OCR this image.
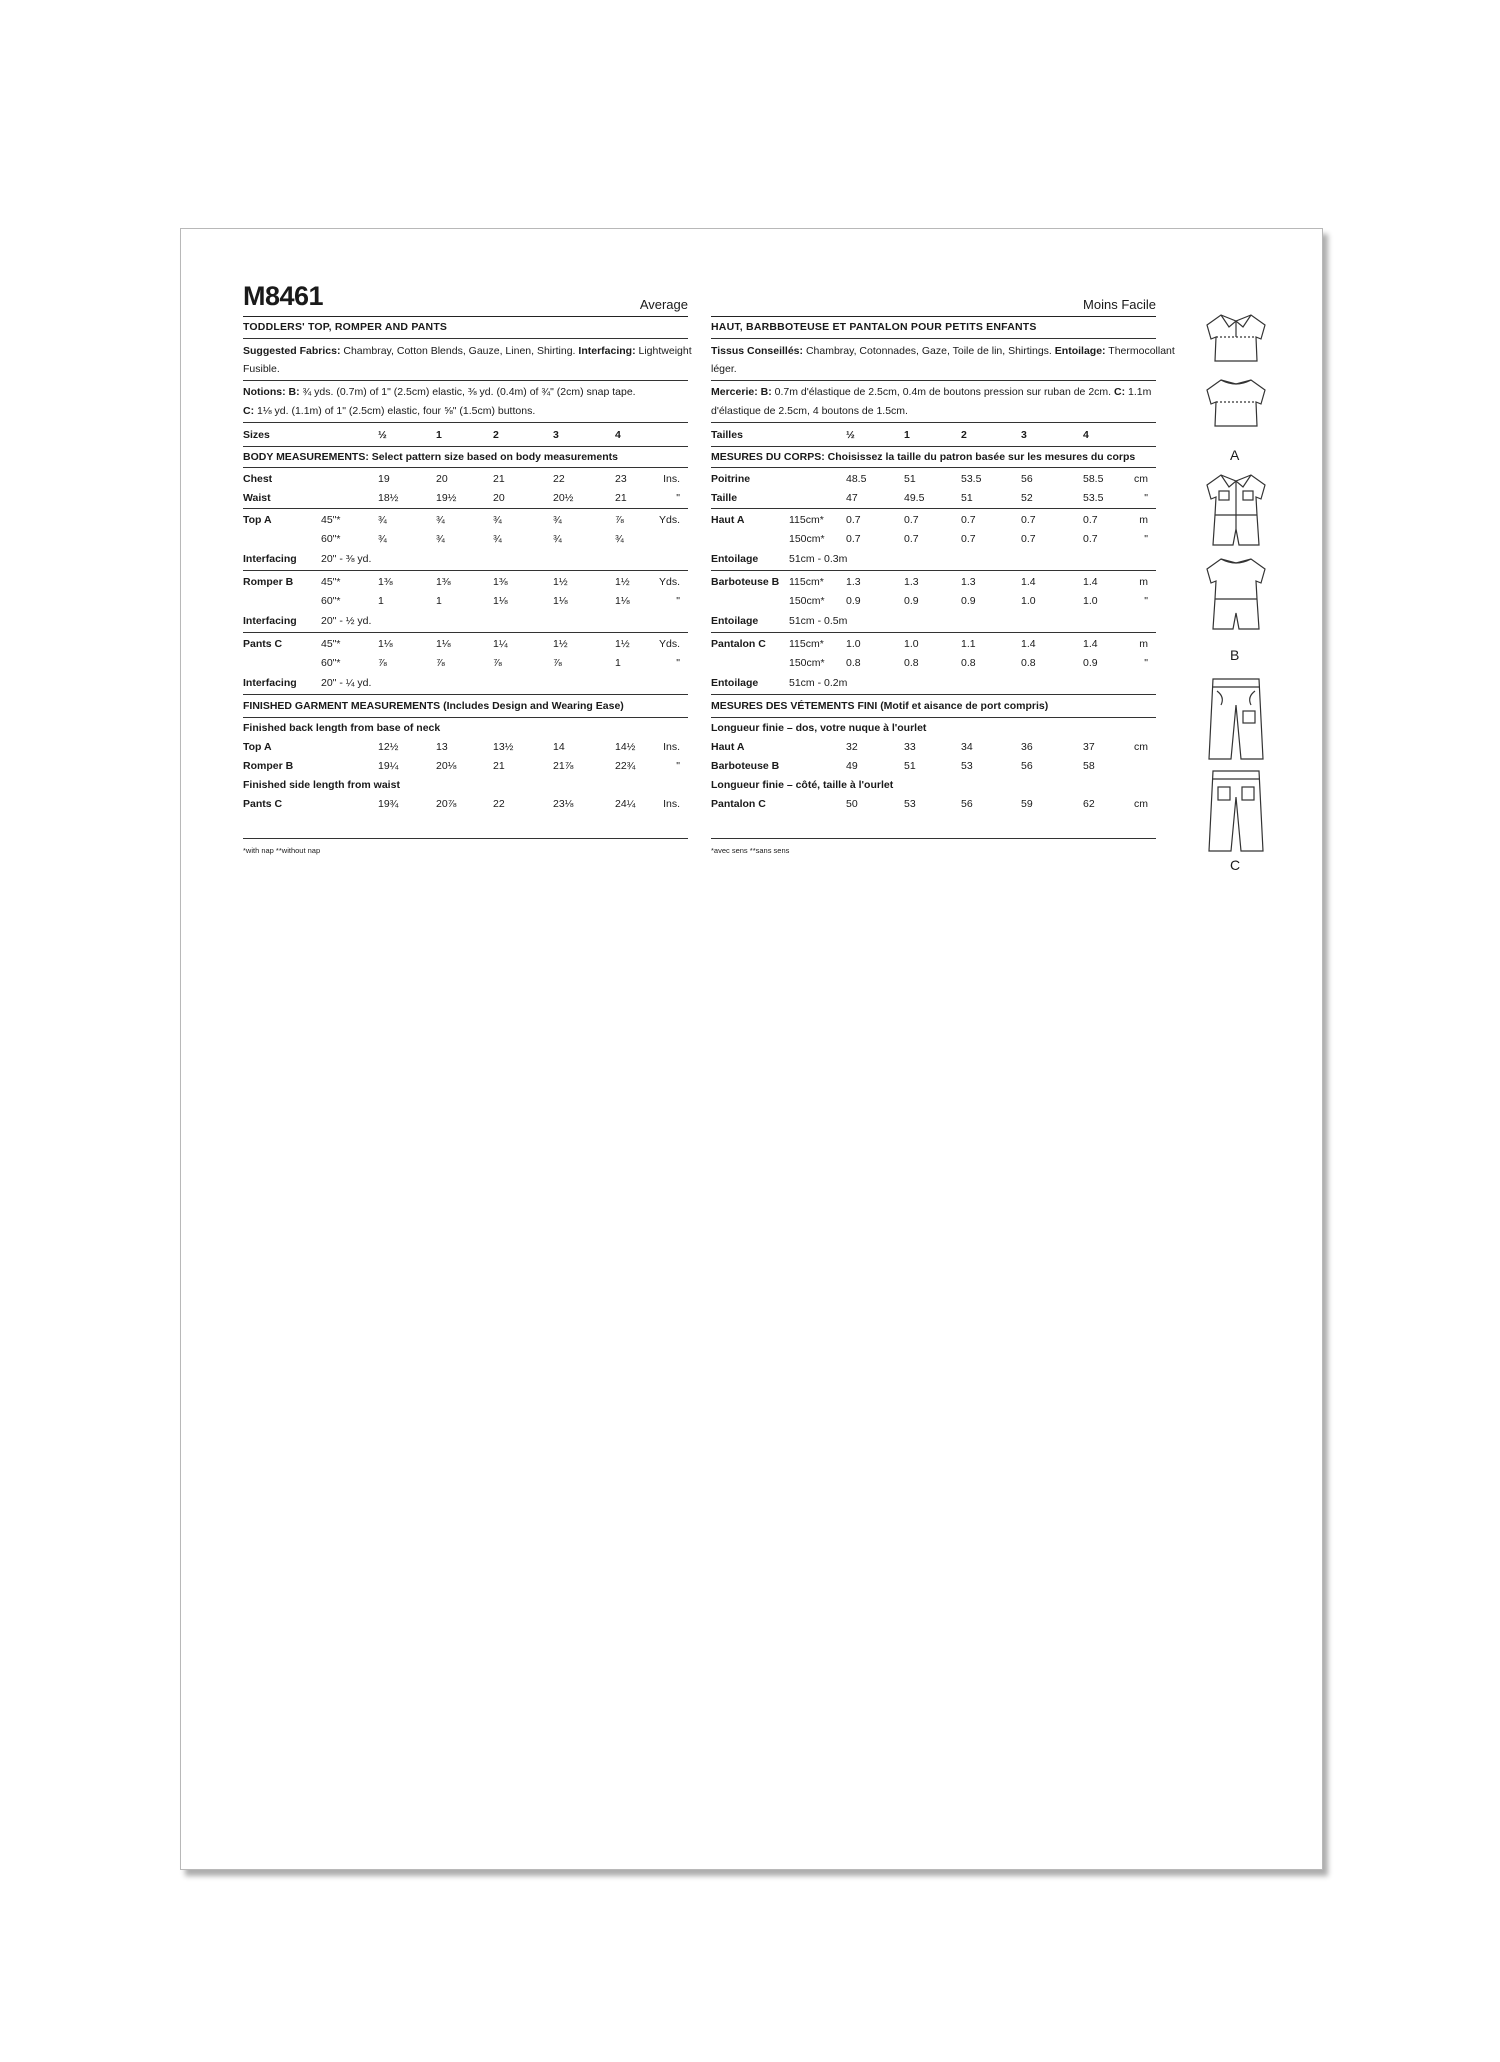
M8461	Average
TODDLERS' TOP, ROMPER AND PANTS
Suggested Fabrics: Chambray, Cotton Blends, Gauze, Linen, Shirting. Interfacing: Lightweight
Fusible.
Notions: B: ¾ yds. (0.7m) of 1" (2.5cm) elastic, ⅜ yd. (0.4m) of ¾" (2cm) snap tape.
C: 1⅛ yd. (1.1m) of 1" (2.5cm) elastic, four ⅝" (1.5cm) buttons.
Sizes	½	1	2	3	4
BODY MEASUREMENTS: Select pattern size based on body measurements
Chest	19	20	21	22	23	Ins.
Waist	18½	19½	20	20½	21	"
Top A	45"*	¾	¾	¾	¾	⅞	Yds.
60"*	¾	¾	¾	¾	¾
Interfacing 20" - ⅜ yd.
Romper B	45"*	1⅜	1⅜	1⅜	1½	1½	Yds.
60"*	1	1	1⅛	1⅛	1⅛	"
Interfacing 20" - ½ yd.
Pants C	45"*	1⅛	1⅛	1¼	1½	1½	Yds.
60"*	⅞	⅞	⅞	⅞	1	"
Interfacing 20" - ¼ yd.
FINISHED GARMENT MEASUREMENTS (Includes Design and Wearing Ease)
Finished back length from base of neck
Top A	12½	13	13½	14	14½	Ins.
Romper B	19¼	20⅛	21	21⅞	22¾	"
Finished side length from waist
Pants C	19¾	20⅞	22	23⅛	24¼	Ins.
*with nap **without nap
Moins Facile
HAUT, BARBBOTEUSE ET PANTALON POUR PETITS ENFANTS
Tissus Conseillés: Chambray, Cotonnades, Gaze, Toile de lin, Shirtings. Entoilage: Thermocollant
léger.
Mercerie: B: 0.7m d'élastique de 2.5cm, 0.4m de boutons pression sur ruban de 2cm. C: 1.1m
d'élastique de 2.5cm, 4 boutons de 1.5cm.
Tailles	½	1	2	3	4
MESURES DU CORPS: Choisissez la taille du patron basée sur les mesures du corps
Poitrine	48.5	51	53.5	56	58.5	cm
Taille	47	49.5	51	52	53.5	"
Haut A	115cm* 0.7	0.7	0.7	0.7	0.7	m
150cm* 0.7	0.7	0.7	0.7	0.7	"
Entoilage	51cm - 0.3m
Barboteuse B 115cm* 1.3	1.3	1.3	1.4	1.4	m
150cm* 0.9	0.9	0.9	1.0	1.0	"
Entoilage	51cm - 0.5m
Pantalon C 115cm* 1.0	1.0	1.1	1.4	1.4	m
150cm* 0.8	0.8	0.8	0.8	0.9	"
Entoilage	51cm - 0.2m
MESURES DES VÉTEMENTS FINI (Motif et aisance de port compris)
Longueur finie – dos, votre nuque à l'ourlet
Haut A	32	33	34	36	37	cm
Barboteuse B	49	51	53	56	58
Longueur finie – côté, taille à l'ourlet
Pantalon C	50	53	56	59	62	cm
*avec sens **sans sens
A
B
C
